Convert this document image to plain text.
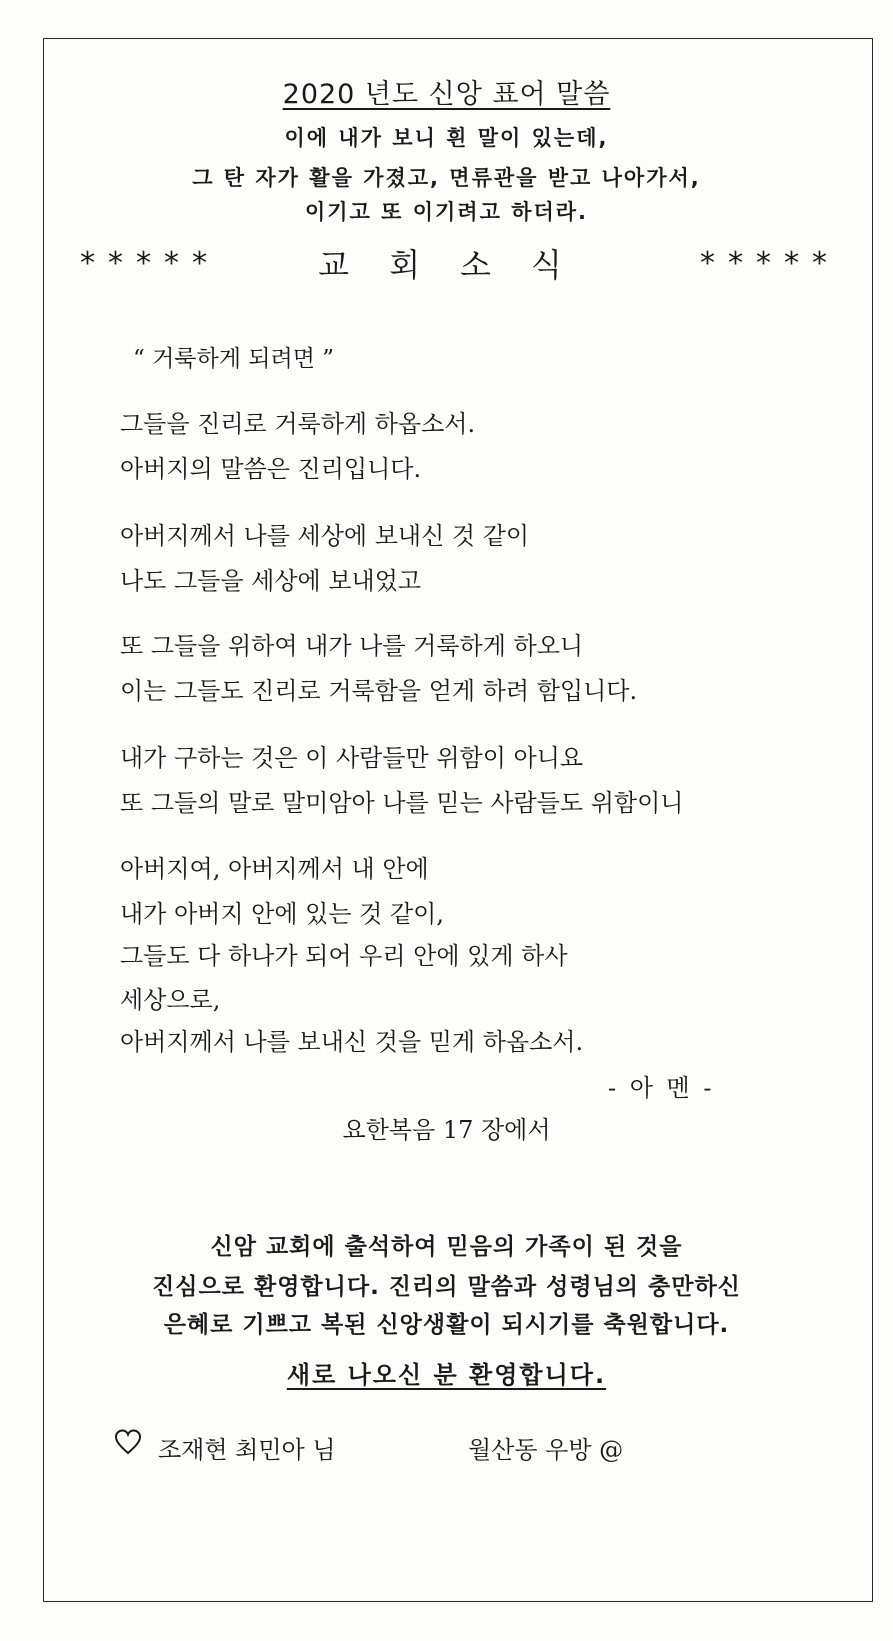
2020 년도 신앙 표어 말씀
이에 내가 보니 흰 말이 있는데,
그 탄 자가 활을 가졌고, 면류관을 받고 나아가서,
이기고 또 이기려고 하더라.
*****	교회소식	*****
“ 거룩하게 되려면 ”
그들을 진리로 거룩하게 하옵소서.
아버지의 말씀은 진리입니다.
아버지께서 나를 세상에 보내신 것 같이
나도 그들을 세상에 보내었고
또 그들을 위하여 내가 나를 거룩하게 하오니
이는 그들도 진리로 거룩함을 얻게 하려 함입니다.
내가 구하는 것은 이 사람들만 위함이 아니요
또 그들의 말로 말미암아 나를 믿는 사람들도 위함이니
아버지여, 아버지께서 내 안에
내가 아버지 안에 있는 것 같이,
그들도 다 하나가 되어 우리 안에 있게 하사
세상으로,
아버지께서 나를 보내신 것을 믿게 하옵소서.
- 아 멘 -
요한복음 17 장에서
신암 교회에 출석하여 믿음의 가족이 된 것을
진심으로 환영합니다. 진리의 말씀과 성령님의 충만하신
은혜로 기쁘고 복된 신앙생활이 되시기를 축원합니다.
새로 나오신 분 환영합니다.
조재현 최민아 님	월산동 우방 @
